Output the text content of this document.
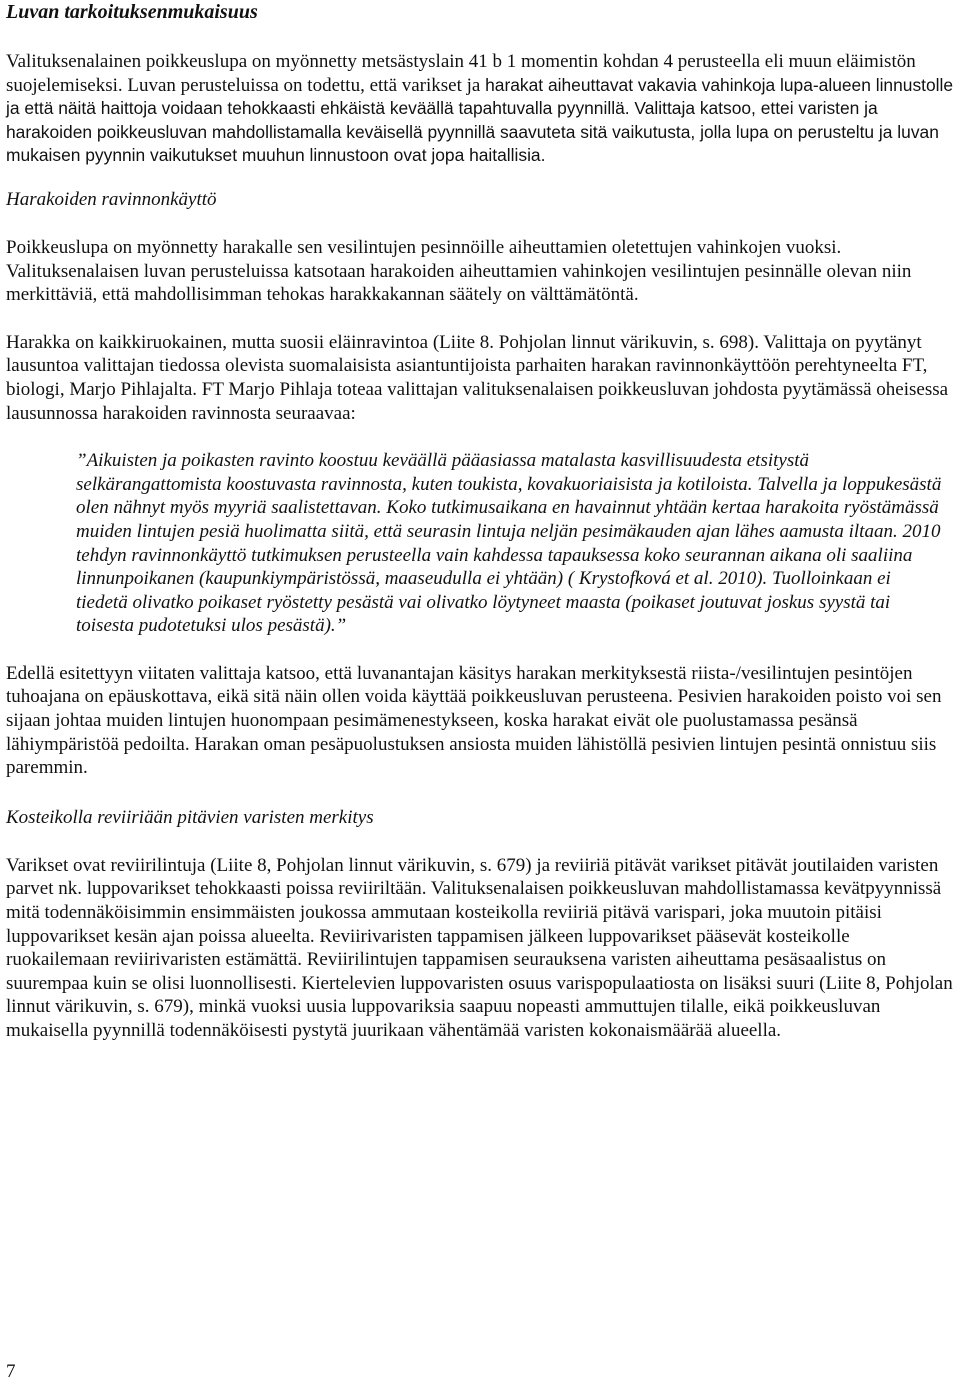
Luvan tarkoituksenmukaisuus

Valituksenalainen poikkeuslupa on myönnetty metsästyslain 41 b 1 momentin kohdan 4 perusteella eli muun eläimistön suojelemiseksi. Luvan perusteluissa on todettu, että varikset ja harakat aiheuttavat vakavia vahinkoja lupa-alueen linnustolle ja että näitä haittoja voidaan tehokkaasti ehkäistä keväällä tapahtuvalla pyynnillä. Valittaja katsoo, ettei varisten ja harakoiden poikkeusluvan mahdollistamalla keväisellä pyynnillä saavuteta sitä vaikutusta, jolla lupa on perusteltu ja luvan mukaisen pyynnin vaikutukset muuhun linnustoon ovat jopa haitallisia.

Harakoiden ravinnonkäyttö

Poikkeuslupa on myönnetty harakalle sen vesilintujen pesinnöille aiheuttamien oletettujen vahinkojen vuoksi. Valituksenalaisen luvan perusteluissa katsotaan harakoiden aiheuttamien vahinkojen vesilintujen pesinnälle olevan niin merkittäviä, että mahdollisimman tehokas harakkakannan säätely on välttämätöntä.

Harakka on kaikkiruokainen, mutta suosii eläinravintoa (Liite 8. Pohjolan linnut värikuvin, s. 698). Valittaja on pyytänyt lausuntoa valittajan tiedossa olevista suomalaisista asiantuntijoista parhaiten harakan ravinnonkäyttöön perehtyneelta FT, biologi, Marjo Pihlajalta. FT Marjo Pihlaja toteaa valittajan valituksenalaisen poikkeusluvan johdosta pyytämässä oheisessa lausunnossa harakoiden ravinnosta seuraavaa:

”Aikuisten ja poikasten ravinto koostuu keväällä pääasiassa matalasta kasvillisuudesta etsitystä selkärangattomista koostuvasta ravinnosta, kuten toukista, kovakuoriaisista ja kotiloista. Talvella ja loppukesästä olen nähnyt myös myyriä saalistettavan. Koko tutkimusaikana en havainnut yhtään kertaa harakoita ryöstämässä muiden lintujen pesiä huolimatta siitä, että seurasin lintuja neljän pesimäkauden ajan lähes aamusta iltaan. 2010 tehdyn ravinnonkäyttö tutkimuksen perusteella vain kahdessa tapauksessa koko seurannan aikana oli saaliina linnunpoikanen (kaupunkiympäristössä, maaseudulla ei yhtään) ( Krystofková et al. 2010). Tuolloinkaan ei tiedetä olivatko poikaset ryöstetty pesästä vai olivatko löytyneet maasta (poikaset joutuvat joskus syystä tai toisesta pudotetuksi ulos pesästä).”

Edellä esitettyyn viitaten valittaja katsoo, että luvanantajan käsitys harakan merkityksestä riista-/vesilintujen pesintöjen tuhoajana on epäuskottava, eikä sitä näin ollen voida käyttää poikkeusluvan perusteena. Pesivien harakoiden poisto voi sen sijaan johtaa muiden lintujen huonompaan pesimämenestykseen, koska harakat eivät ole puolustamassa pesänsä lähiympäristöä pedoilta. Harakan oman pesäpuolustuksen ansiosta muiden lähistöllä pesivien lintujen pesintä onnistuu siis paremmin.

Kosteikolla reviiriään pitävien varisten merkitys

Varikset ovat reviirilintuja (Liite 8, Pohjolan linnut värikuvin, s. 679) ja reviiriä pitävät varikset pitävät joutilaiden varisten parvet nk. luppovarikset tehokkaasti poissa reviiriltään. Valituksenalaisen poikkeusluvan mahdollistamassa kevätpyynnissä mitä todennäköisimmin ensimmäisten joukossa ammutaan kosteikolla reviiriä pitävä varispari, joka muutoin pitäisi luppovarikset kesän ajan poissa alueelta. Reviirivaristen tappamisen jälkeen luppovarikset pääsevät kosteikolle ruokailemaan reviirivaristen estämättä. Reviirilintujen tappamisen seurauksena varisten aiheuttama pesäsaalistus on suurempaa kuin se olisi luonnollisesti. Kiertelevien luppovaristen osuus varispopulaatiosta on lisäksi suuri (Liite 8, Pohjolan linnut värikuvin, s. 679), minkä vuoksi uusia luppovariksia saapuu nopeasti ammuttujen tilalle, eikä poikkeusluvan mukaisella pyynnillä todennäköisesti pystytä juurikaan vähentämää varisten kokonaismäärää alueella.

7
